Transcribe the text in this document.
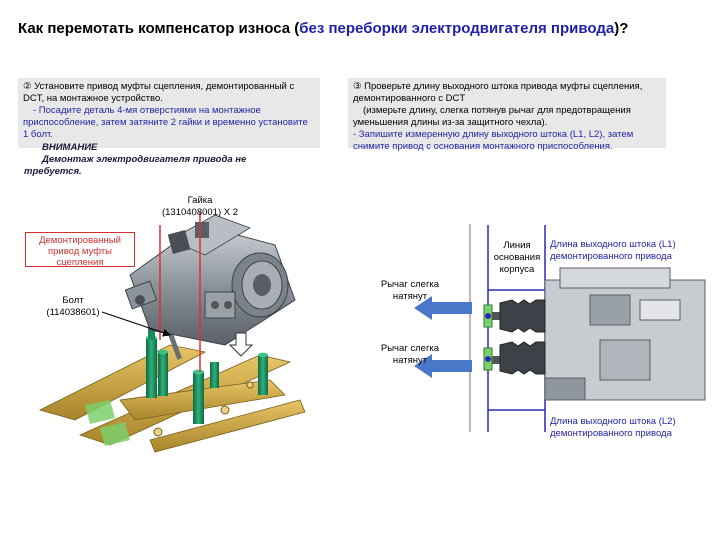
Как перемотать компенсатор износа (без переборки электродвигателя привода)?
② Установите привод муфты сцепления, демонтированный с DCT, на монтажное устройство.
- Посадите деталь 4-мя отверстиями на монтажное приспособление, затем затяните 2 гайки и временно установите 1 болт.
ВНИМАНИЕ
Демонтаж электродвигателя привода не требуется.
③ Проверьте длину выходного штока привода муфты сцепления, демонтированного с DCT
(измерьте длину, слегка потянув рычаг для предотвращения уменьшения длины из-за защитного чехла).
- Запишите измеренную длину выходного штока (L1, L2), затем снимите привод с основания монтажного приспособления.
Гайка
(1310408001) X 2
Демонтированный привод муфты сцепления
Болт
(114038601)
Линия основания корпуса
Длина выходного штока (L1) демонтированного привода
Длина выходного штока (L2) демонтированного привода
Рычаг слегка натянут
Рычаг слегка натянут
